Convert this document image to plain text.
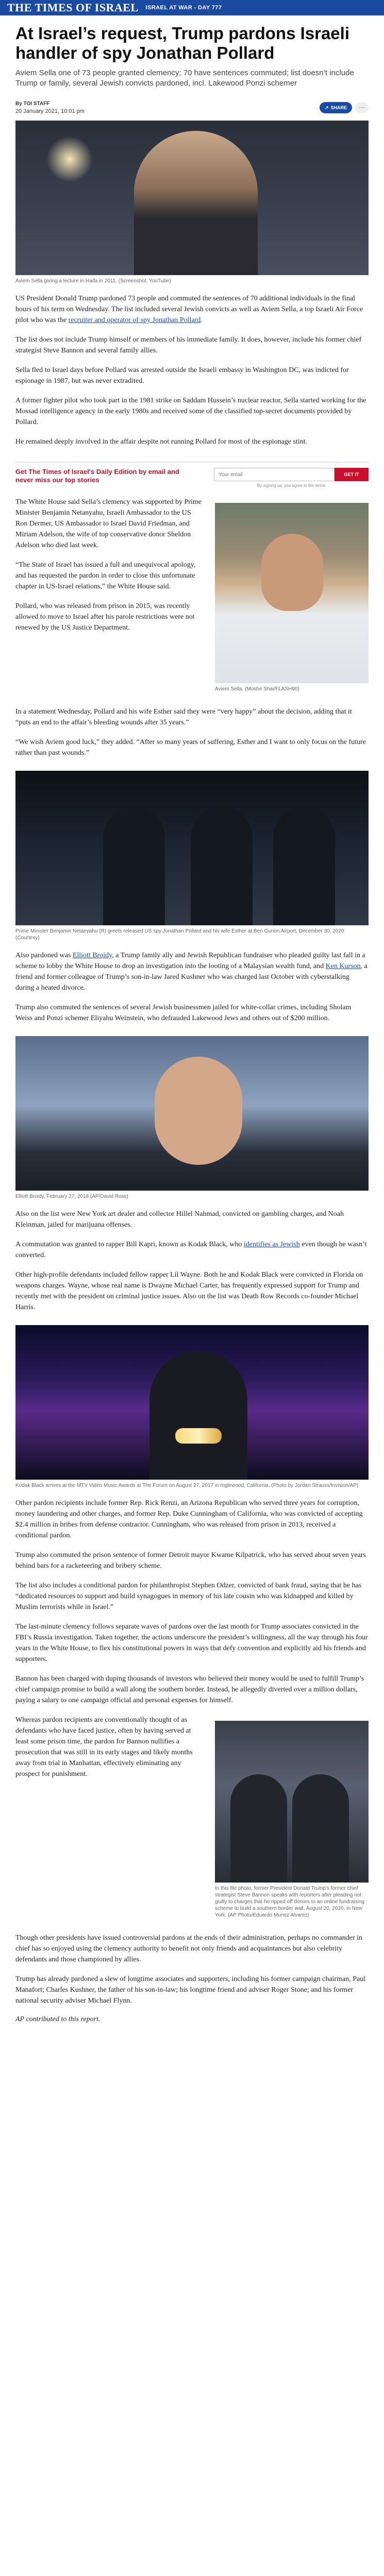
THE TIMES OF ISRAEL ISRAEL AT WAR - DAY 777
At Israel’s request, Trump pardons Israeli handler of spy Jonathan Pollard
Aviem Sella one of 73 people granted clemency; 70 have sentences commuted; list doesn’t include Trump or family, several Jewish convicts pardoned, incl. Lakewood Ponzi schemer
By TOI STAFF
20 January 2021, 10:01 pm
↗ SHARE	···
Aviem Sella giving a lecture in Haifa in 2011. (Screenshot: YouTube)

US President Donald Trump pardoned 73 people and commuted the sentences of 70 additional individuals in the final hours of his term on Wednesday. The list included several Jewish convicts as well as Aviem Sella, a top Israeli Air Force pilot who was the recruiter and operator of spy Jonathan Pollard.

The list does not include Trump himself or members of his immediate family. It does, however, include his former chief strategist Steve Bannon and several family allies.

Sella fled to Israel days before Pollard was arrested outside the Israeli embassy in Washington DC, was indicted for espionage in 1987, but was never extradited.

A former fighter pilot who took part in the 1981 strike on Saddam Hussein’s nuclear reactor, Sella started working for the Mossad intelligence agency in the early 1980s and received some of the classified top-secret documents provided by Pollard.

He remained deeply involved in the affair despite not running Pollard for most of the espionage stint.

Get The Times of Israel's Daily Edition by email and never miss our top stories
Your email
GET IT
By signing up, you agree to the terms
Aviem Sella. (Moshe Shai/FLASH90)

The White House said Sella’s clemency was supported by Prime Minister Benjamin Netanyahu, Israeli Ambassador to the US Ron Dermer, US Ambassador to Israel David Friedman, and Miriam Adelson, the wife of top conservative donor Sheldon Adelson who died last week.

“The State of Israel has issued a full and unequivocal apology, and has requested the pardon in order to close this unfortunate chapter in US-Israel relations,” the White House said.

Pollard, who was released from prison in 2015, was recently allowed to move to Israel after his parole restrictions were not renewed by the US Justice Department.

In a statement Wednesday, Pollard and his wife Esther said they were “very happy” about the decision, adding that it “puts an end to the affair’s bleeding wounds after 35 years.”

“We wish Aviem good luck,” they added. “After so many years of suffering, Esther and I want to only focus on the future rather than past wounds.”

Prime Minister Benjamin Netanyahu (R) greets released US spy Jonathan Pollard and his wife Esther at Ben Gurion Airport, December 30, 2020 (Courtesy)

Also pardoned was Elliott Broidy, a Trump family ally and Jewish Republican fundraiser who pleaded guilty last fall in a scheme to lobby the White House to drop an investigation into the looting of a Malaysian wealth fund, and Ken Kurson, a friend and former colleague of Trump’s son-in-law Jared Kushner who was charged last October with cyberstalking during a heated divorce.

Trump also commuted the sentences of several Jewish businessmen jailed for white-collar crimes, including Sholam Weiss and Ponzi schemer Eliyahu Weinstein, who defrauded Lakewood Jews and others out of $200 million.

Elliott Broidy, February 27, 2018 (AP/David Ross)

Also on the list were New York art dealer and collector Hillel Nahmad, convicted on gambling charges, and Noah Kleinman, jailed for marijuana offenses.

A commutation was granted to rapper Bill Kapri, known as Kodak Black, who identifies as Jewish even though he wasn’t converted.

Other high-profile defendants included fellow rapper Lil Wayne. Both he and Kodak Black were convicted in Florida on weapons charges. Wayne, whose real name is Dwayne Michael Carter, has frequently expressed support for Trump and recently met with the president on criminal justice issues. Also on the list was Death Row Records co-founder Michael Harris.

Kodak Black arrives at the MTV Video Music Awards at The Forum on August 27, 2017 in Inglewood, California. (Photo by Jordan Strauss/Invision/AP)

Other pardon recipients include former Rep. Rick Renzi, an Arizona Republican who served three years for corruption, money laundering and other charges, and former Rep. Duke Cunningham of California, who was convicted of accepting $2.4 million in bribes from defense contractor. Cunningham, who was released from prison in 2013, received a conditional pardon.

Trump also commuted the prison sentence of former Detroit mayor Kwame Kilpatrick, who has served about seven years behind bars for a racketeering and bribery scheme.

The list also includes a conditional pardon for philanthropist Stephen Odzer, convicted of bank fraud, saying that he has “dedicated resources to support and build synagogues in memory of his late cousin who was kidnapped and killed by Muslim terrorists while in Israel.”

The last-minute clemency follows separate waves of pardons over the last month for Trump associates convicted in the FBI’s Russia investigation. Taken together, the actions underscore the president’s willingness, all the way through his four years in the White House, to flex his constitutional powers in ways that defy convention and explicitly aid his friends and supporters.

Bannon has been charged with duping thousands of investors who believed their money would be used to fulfill Trump’s chief campaign promise to build a wall along the southern border. Instead, he allegedly diverted over a million dollars, paying a salary to one campaign official and personal expenses for himself.

In this file photo, former President Donald Trump's former chief strategist Steve Bannon speaks with reporters after pleading not guilty to charges that he ripped off donors to an online fundraising scheme to build a southern border wall, August 20, 2020, in New York. (AP Photo/Eduardo Munoz Alvarez)

Whereas pardon recipients are conventionally thought of as defendants who have faced justice, often by having served at least some prison time, the pardon for Bannon nullifies a prosecution that was still in its early stages and likely months away from trial in Manhattan, effectively eliminating any prospect for punishment.

Though other presidents have issued controversial pardons at the ends of their administration, perhaps no commander in chief has so enjoyed using the clemency authority to benefit not only friends and acquaintances but also celebrity defendants and those championed by allies.

Trump has already pardoned a slew of longtime associates and supporters, including his former campaign chairman, Paul Manafort; Charles Kushner, the father of his son-in-law; his longtime friend and adviser Roger Stone; and his former national security adviser Michael Flynn.

AP contributed to this report.
